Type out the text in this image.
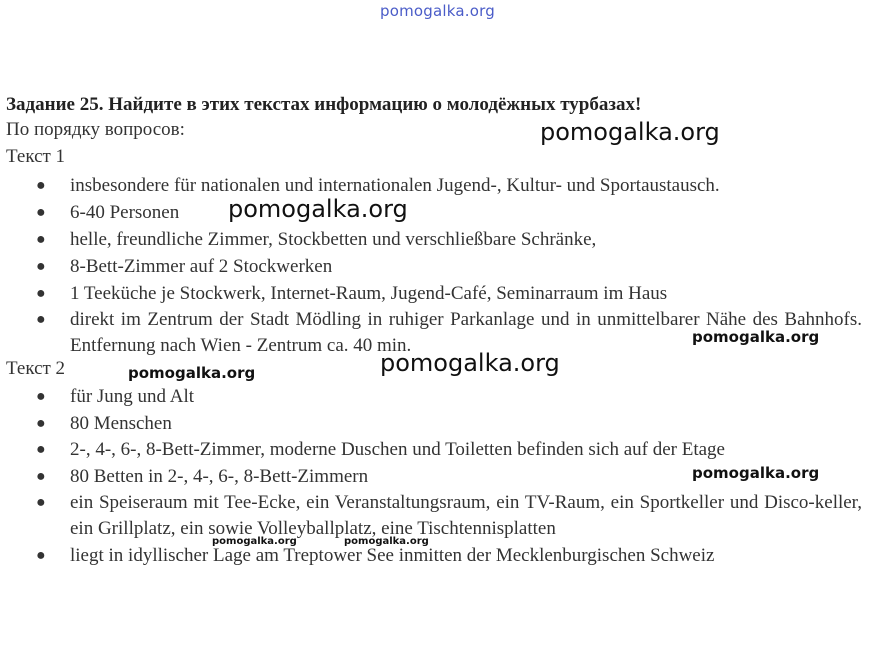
pomogalka.org
Задание 25. Найдите в этих текстах информацию о молодёжных турбазах!
По порядку вопросов:
Текст 1
●	insbesondere für nationalen und internationalen Jugend-, Kultur- und Sportaustausch.
●	6-40 Personen
●	helle, freundliche Zimmer, Stockbetten und verschließbare Schränke,
●	8-Bett-Zimmer auf 2 Stockwerken
●	1 Teeküche je Stockwerk, Internet-Raum, Jugend-Café, Seminarraum im Haus
●	direkt im Zentrum der Stadt Mödling in ruhiger Parkanlage und in unmittelbarer Nähe des Bahnhofs. Entfernung nach Wien - Zentrum ca. 40 min.
Текст 2
●	für Jung und Alt
●	80 Menschen
●	2-, 4-, 6-, 8-Bett-Zimmer, moderne Duschen und Toiletten befinden sich auf der Etage
●	80 Betten in 2-, 4-, 6-, 8-Bett-Zimmern
●	ein Speiseraum mit Tee-Ecke, ein Veranstaltungsraum, ein TV-Raum, ein Sportkeller und Disco-keller, ein Grillplatz, ein sowie Volleyballplatz, eine Tischtennisplatten
●	liegt in idyllischer Lage am Treptower See inmitten der Mecklenburgischen Schweiz
pomogalka.org
pomogalka.org
pomogalka.org
pomogalka.org
pomogalka.org
pomogalka.org
pomogalka.org	pomogalka.org
